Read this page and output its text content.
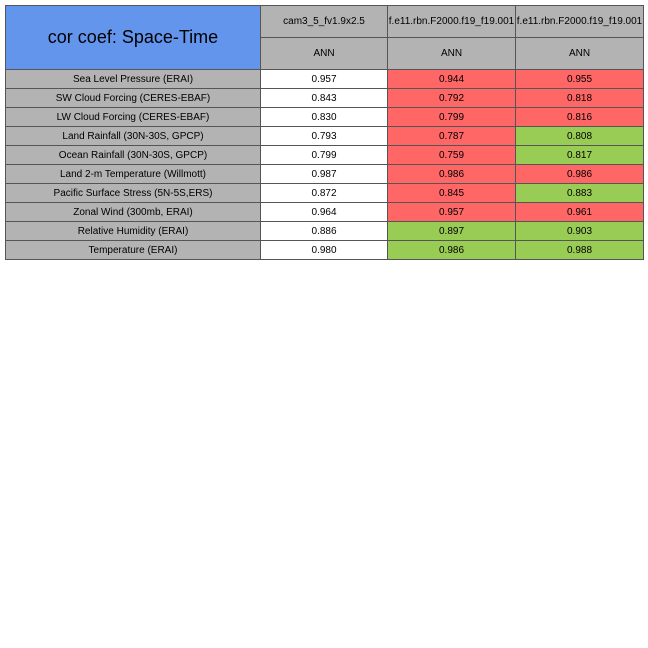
cor coef: Space-Time	cam3_5_fv1.9x2.5	f.e11.rbn.F2000.f19_f19.001	f.e11.rbn.F2000.f19_f19.001
	ANN	ANN	ANN
Sea Level Pressure (ERAI)	0.957	0.944	0.955
SW Cloud Forcing (CERES-EBAF)	0.843	0.792	0.818
LW Cloud Forcing (CERES-EBAF)	0.830	0.799	0.816
Land Rainfall (30N-30S, GPCP)	0.793	0.787	0.808
Ocean Rainfall (30N-30S, GPCP)	0.799	0.759	0.817
Land 2-m Temperature (Willmott)	0.987	0.986	0.986
Pacific Surface Stress (5N-5S,ERS)	0.872	0.845	0.883
Zonal Wind (300mb, ERAI)	0.964	0.957	0.961
Relative Humidity (ERAI)	0.886	0.897	0.903
Temperature (ERAI)	0.980	0.986	0.988
